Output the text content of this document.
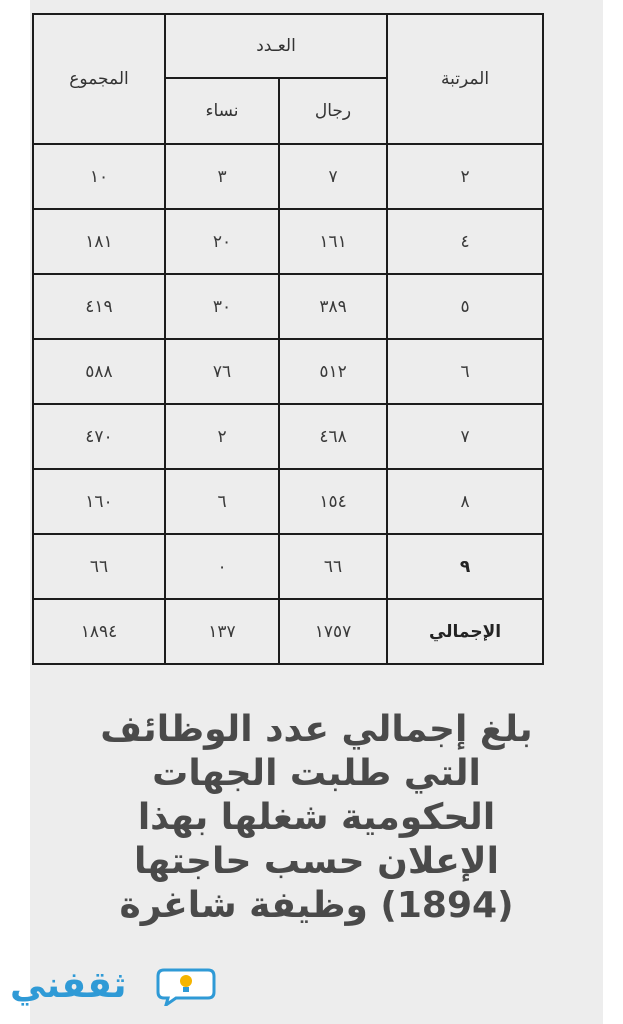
المرتبة	العـدد		المجموع
	رجال	نساء	
٢	٧	٣	١٠
٤	١٦١	٢٠	١٨١
٥	٣٨٩	٣٠	٤١٩
٦	٥١٢	٧٦	٥٨٨
٧	٤٦٨	٢	٤٧٠
٨	١٥٤	٦	١٦٠
٩	٦٦	٠	٦٦
الإجمالي	١٧٥٧	١٣٧	١٨٩٤
بلغ إجمالي عدد الوظائف
التي طلبت الجهات
الحكومية شغلها بهذا
الإعلان حسب حاجتها
(1894) وظيفة شاغرة
ثقفني
